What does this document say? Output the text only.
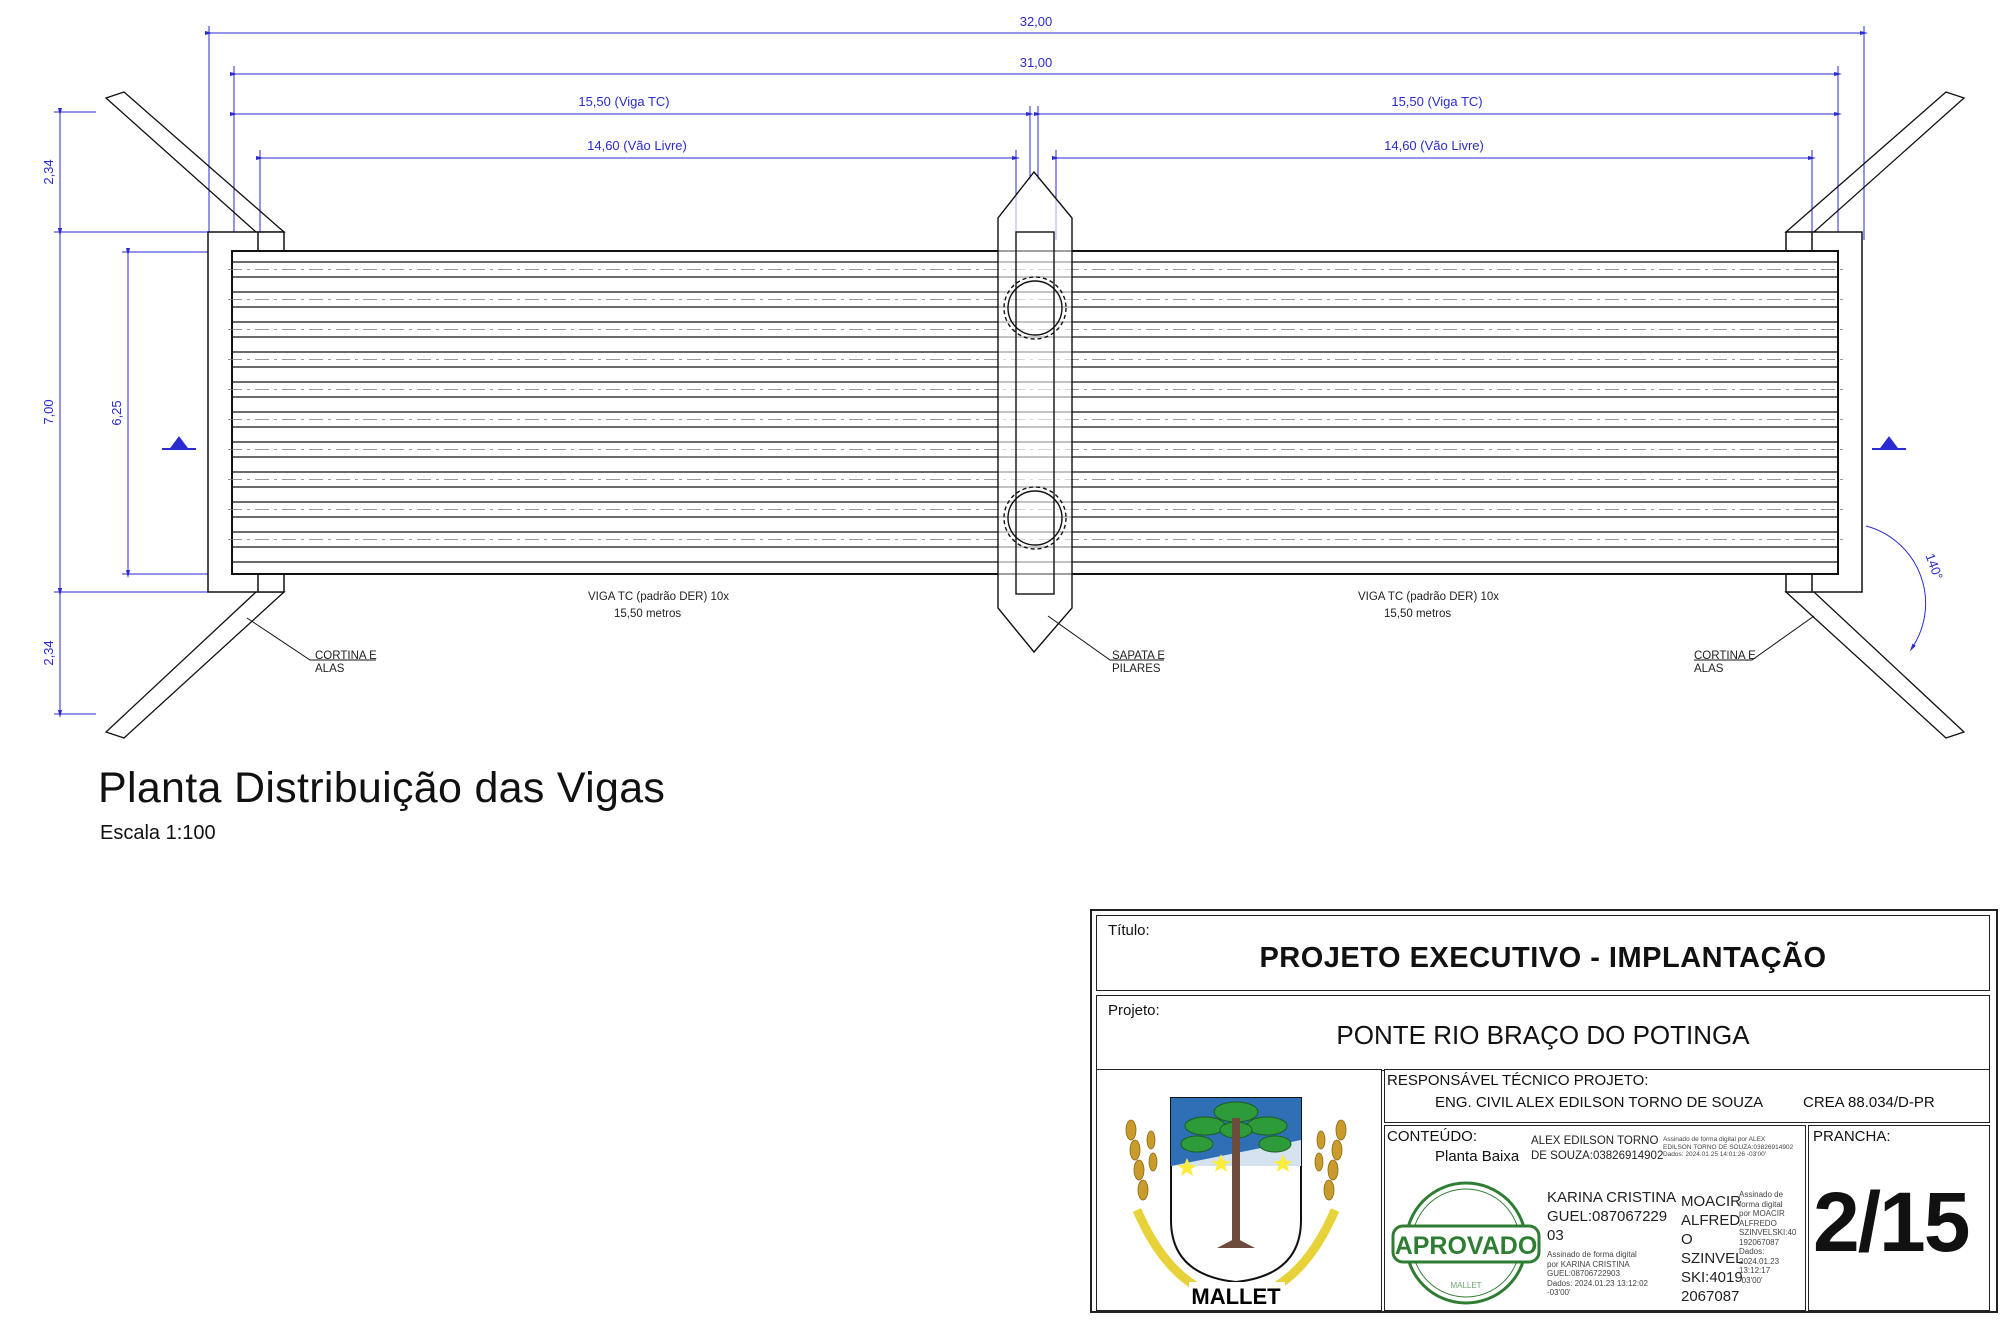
32,00
31,00
15,50 (Viga TC)	15,50 (Viga TC)
14,60 (Vão Livre)	14,60 (Vão Livre)
2,34
7,00
2,34
6,25
140°
VIGA TC (padrão DER) 10x
15,50 metros
VIGA TC (padrão DER) 10x
15,50 metros
CORTINA E
ALAS
SAPATA E
PILARES
CORTINA E
ALAS
Planta Distribuição das Vigas
Escala 1:100
Título:
PROJETO EXECUTIVO - IMPLANTAÇÃO
Projeto:
PONTE RIO BRAÇO DO POTINGA
MALLET
RESPONSÁVEL TÉCNICO PROJETO:
ENG. CIVIL ALEX EDILSON TORNO DE SOUZA	CREA 88.034/D-PR
CONTEÚDO:
Planta Baixa
ALEX EDILSON TORNO
DE SOUZA:03826914902
Assinado de forma digital por ALEX
EDILSON TORNO DE SOUZA:03826914902
Dados: 2024.01.25 14:01:26 -03'00'
APROVADO
MALLET
KARINA CRISTINA
GUEL:087067229
03
Assinado de forma digital
por KARINA CRISTINA
GUEL:08706722903
Dados: 2024.01.23 13:12:02
-03'00'
MOACIR
ALFRED
O
SZINVEL
SKI:4019
2067087
Assinado de
forma digital
por MOACIR
ALFREDO
SZINVELSKI:40
192067087
Dados:
2024.01.23
13:12:17
-03'00'
PRANCHA:
2/15
